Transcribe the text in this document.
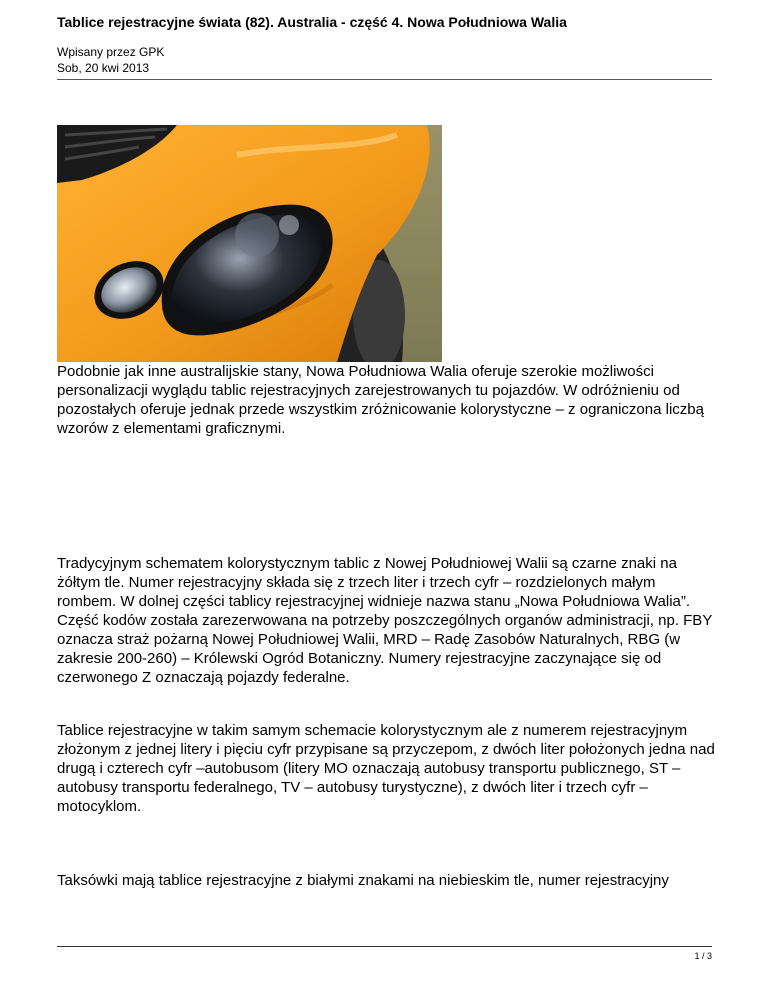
Tablice rejestracyjne świata (82). Australia - część 4. Nowa Południowa Walia
Wpisany przez GPK
Sob, 20 kwi 2013

Podobnie jak inne australijskie stany, Nowa Południowa Walia oferuje szerokie możliwości personalizacji wyglądu tablic rejestracyjnych zarejestrowanych tu pojazdów. W odróżnieniu od pozostałych oferuje jednak przede wszystkim zróżnicowanie kolorystyczne – z ograniczona liczbą wzorów z elementami graficznymi.

Tradycyjnym schematem kolorystycznym tablic z Nowej Południowej Walii są czarne znaki na żółtym tle. Numer rejestracyjny składa się z trzech liter i trzech cyfr – rozdzielonych małym rombem. W dolnej części tablicy rejestracyjnej widnieje nazwa stanu „Nowa Południowa Walia”. Część kodów została zarezerwowana na potrzeby poszczególnych organów administracji, np. FBY oznacza straż pożarną Nowej Południowej Walii, MRD – Radę Zasobów Naturalnych, RBG (w zakresie 200-260) – Królewski Ogród Botaniczny. Numery rejestracyjne zaczynające się od czerwonego Z oznaczają pojazdy federalne.

Tablice rejestracyjne w takim samym schemacie kolorystycznym ale z numerem rejestracyjnym złożonym z jednej litery i pięciu cyfr przypisane są przyczepom, z dwóch liter położonych jedna nad drugą i czterech cyfr –autobusom (litery MO oznaczają autobusy transportu publicznego, ST – autobusy transportu federalnego, TV – autobusy turystyczne), z dwóch liter i trzech cyfr – motocyklom.

Taksówki mają tablice rejestracyjne z białymi znakami na niebieskim tle, numer rejestracyjny

1 / 3
